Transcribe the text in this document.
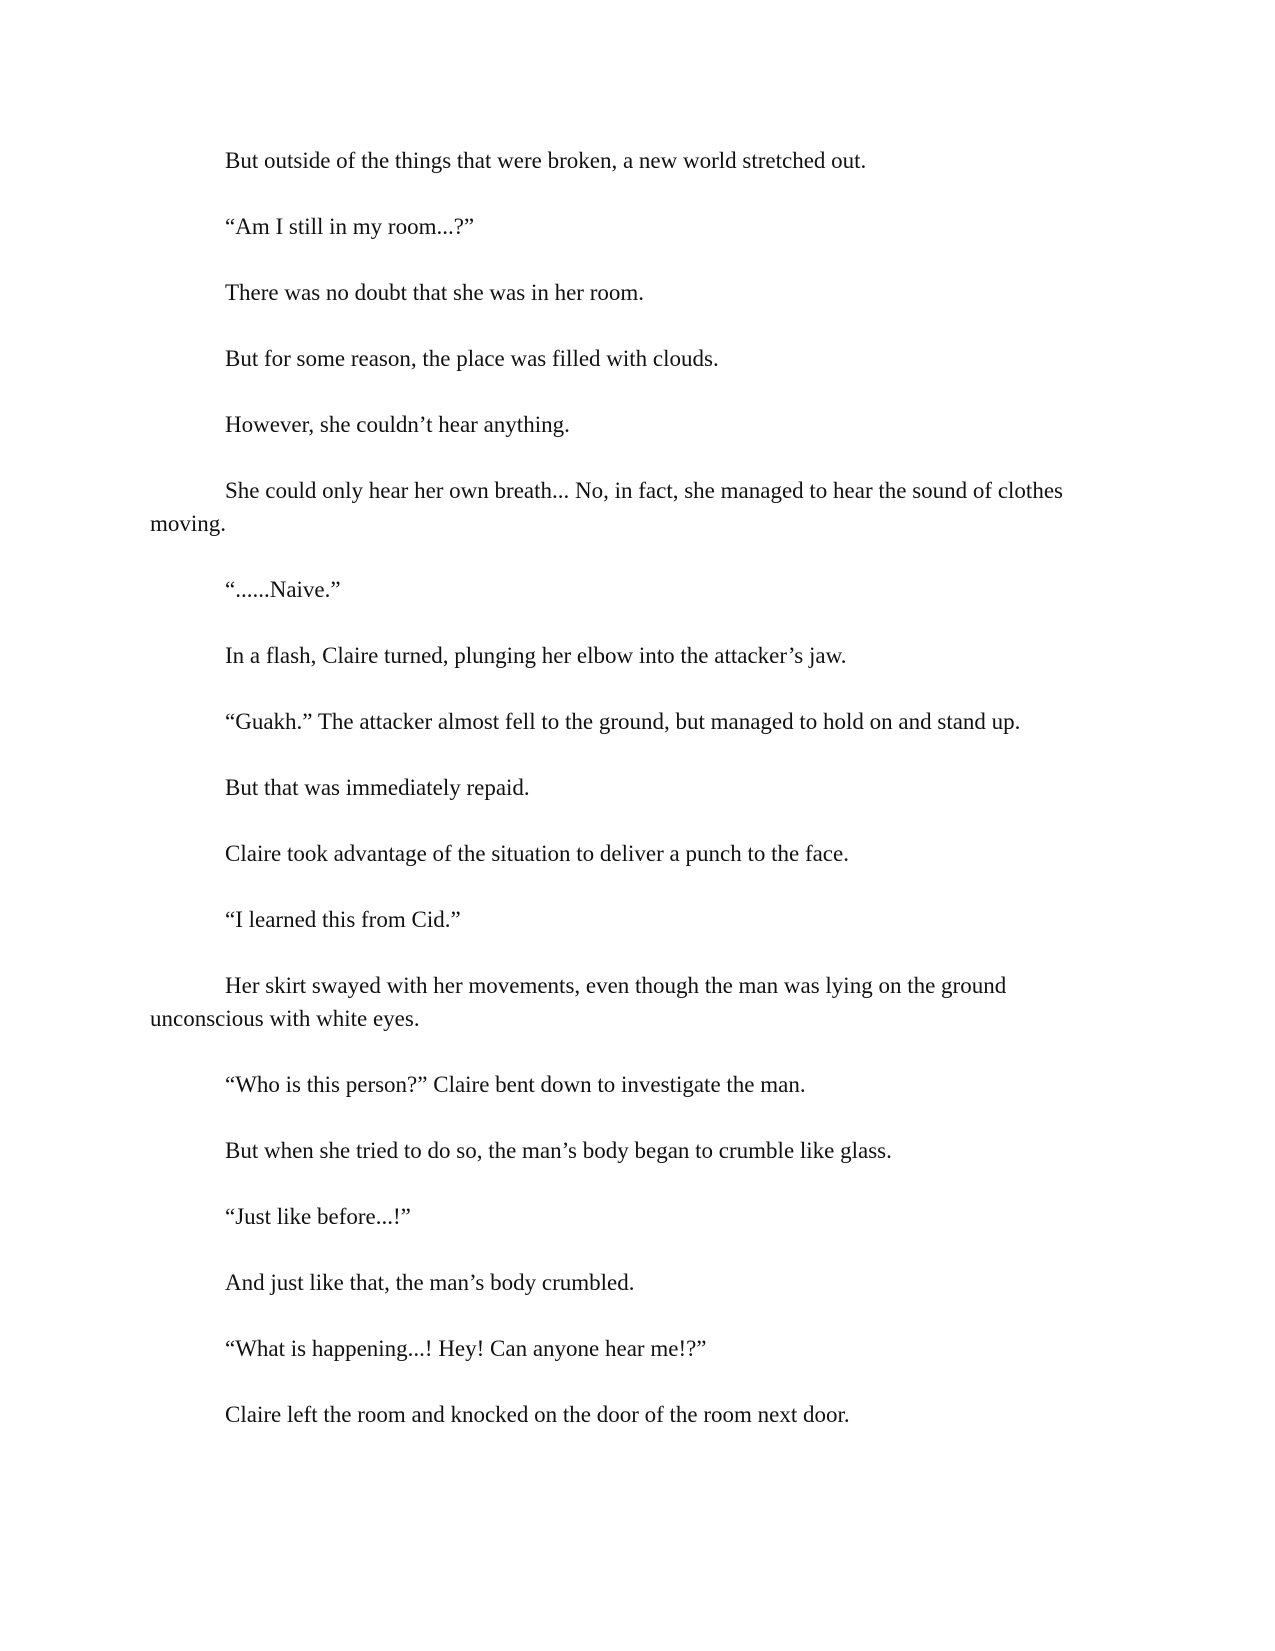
But outside of the things that were broken, a new world stretched out.

“Am I still in my room...?”

There was no doubt that she was in her room.

But for some reason, the place was filled with clouds.

However, she couldn’t hear anything.

She could only hear her own breath... No, in fact, she managed to hear the sound of clothes moving.

“......Naive.”

In a flash, Claire turned, plunging her elbow into the attacker’s jaw.

“Guakh.” The attacker almost fell to the ground, but managed to hold on and stand up.

But that was immediately repaid.

Claire took advantage of the situation to deliver a punch to the face.

“I learned this from Cid.”

Her skirt swayed with her movements, even though the man was lying on the ground unconscious with white eyes.

“Who is this person?” Claire bent down to investigate the man.

But when she tried to do so, the man’s body began to crumble like glass.

“Just like before...!”

And just like that, the man’s body crumbled.

“What is happening...! Hey! Can anyone hear me!?”

Claire left the room and knocked on the door of the room next door.
